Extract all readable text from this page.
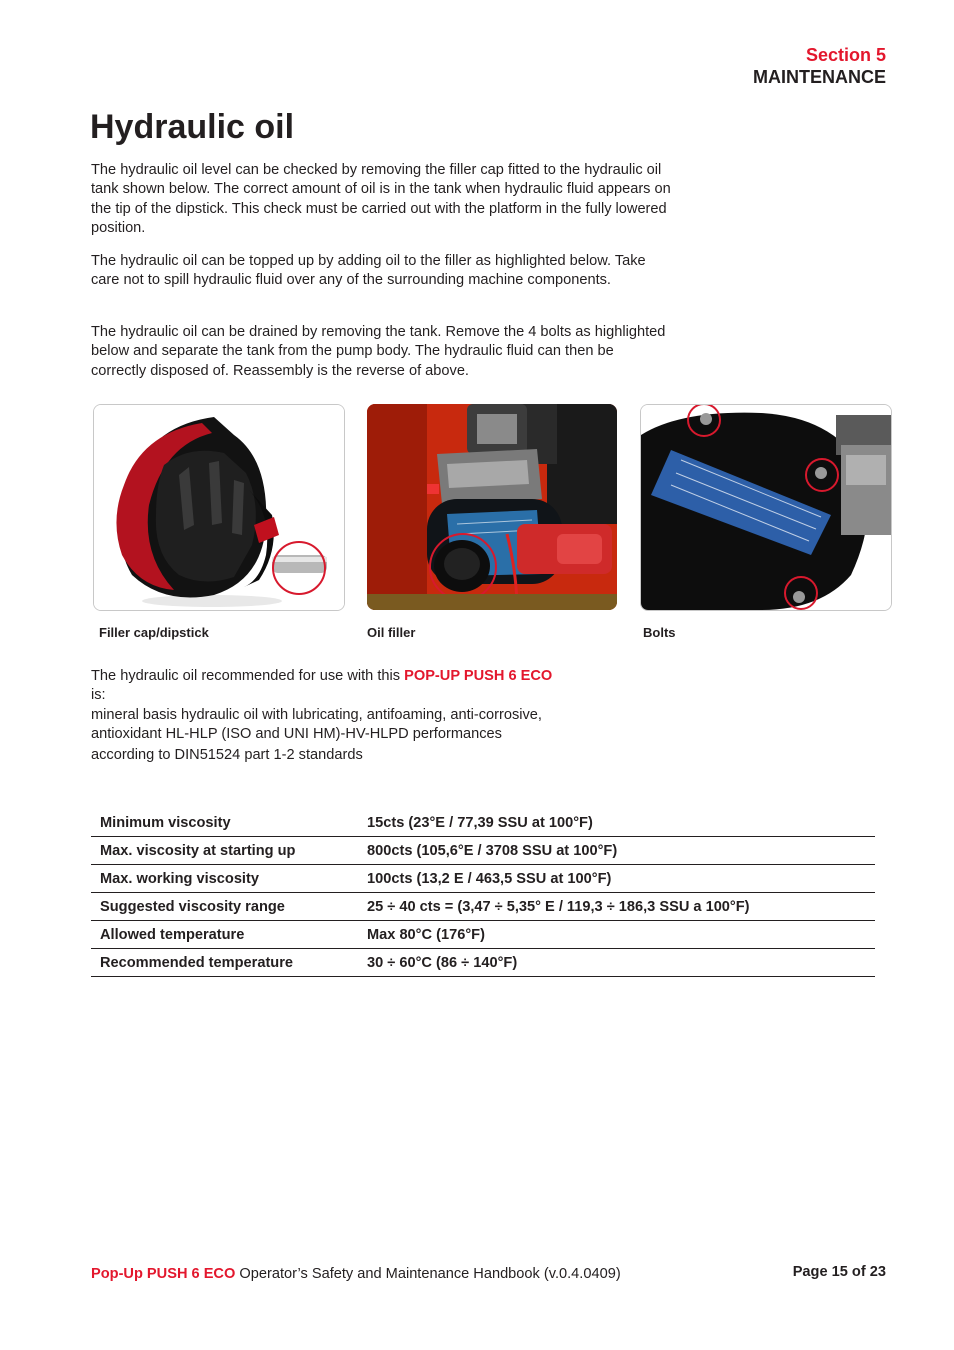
Section 5
MAINTENANCE
Hydraulic oil

The hydraulic oil level can be checked by removing the filler cap fitted to the hydraulic oil tank shown below. The correct amount of oil is in the tank when hydraulic fluid appears on the tip of the dipstick. This check must be carried out with the platform in the fully lowered position.

The hydraulic oil can be topped up by adding oil to the filler as highlighted below. Take care not to spill hydraulic fluid over any of the surrounding machine components.

The hydraulic oil can be drained by removing the tank. Remove the 4 bolts as highlighted below and separate the tank from the pump body. The hydraulic fluid can then be correctly disposed of. Reassembly is the reverse of above.

Filler cap/dipstick	Oil filler	Bolts
The hydraulic oil recommended for use with this POP-UP PUSH 6 ECO
is:
mineral basis hydraulic oil with lubricating, antifoaming, anti-corrosive,
antioxidant HL-HLP (ISO and UNI HM)-HV-HLPD performances
according to DIN51524 part 1-2 standards
Minimum viscosity	15cts (23°E / 77,39 SSU at 100°F)
Max. viscosity at starting up	800cts (105,6°E / 3708 SSU at 100°F)
Max. working viscosity	100cts (13,2 E / 463,5 SSU at 100°F)
Suggested viscosity range	25 ÷ 40 cts = (3,47 ÷ 5,35° E / 119,3 ÷ 186,3 SSU a 100°F)
Allowed temperature	Max 80°C (176°F)
Recommended temperature	30 ÷ 60°C (86 ÷ 140°F)
Pop-Up PUSH 6 ECO Operator’s Safety and Maintenance Handbook (v.0.4.0409)	Page 15 of 23
